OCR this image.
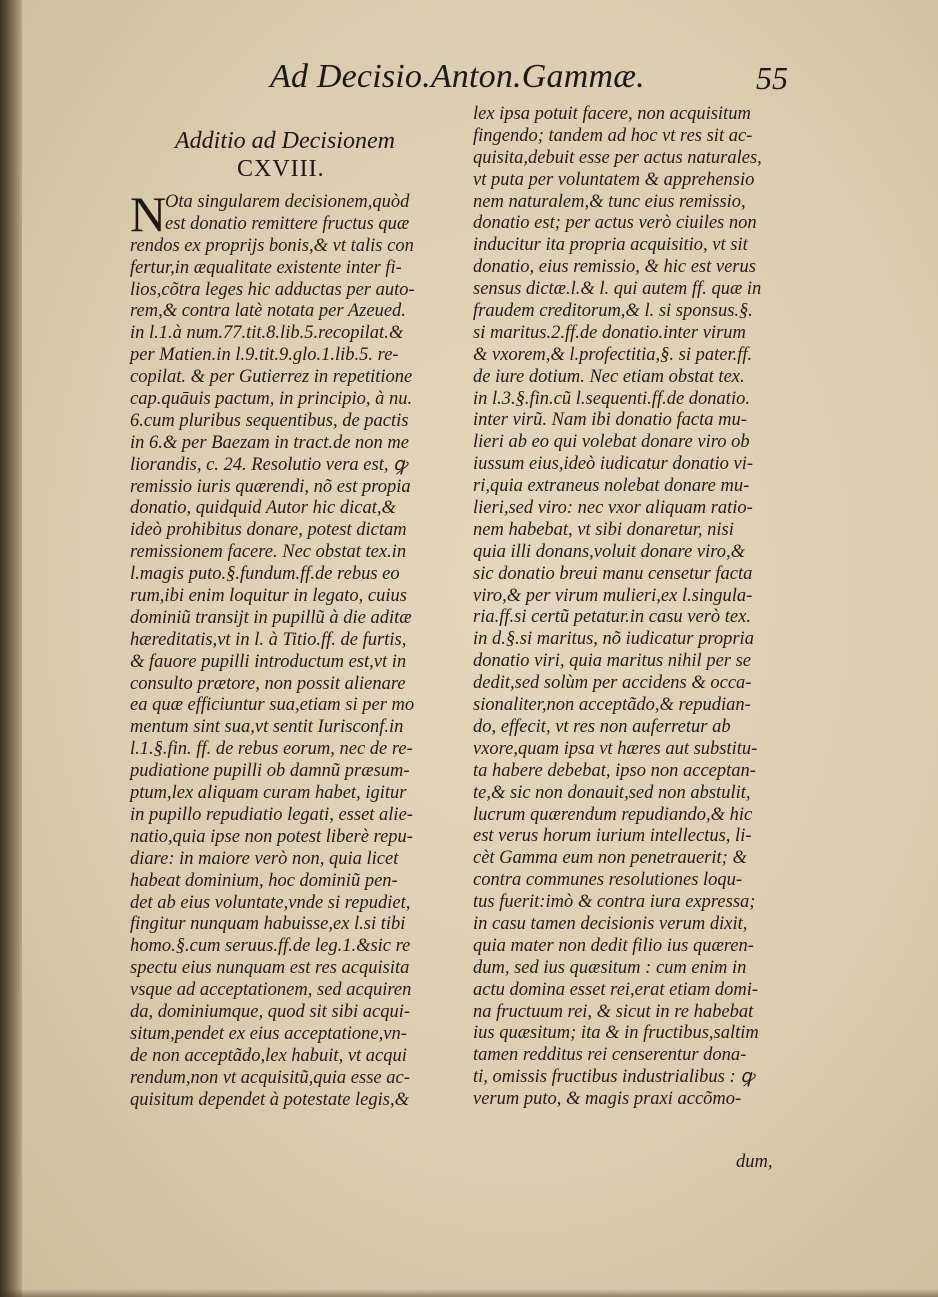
Ad Decisio.Anton.Gammæ.	55
Additio ad Decisionem
CXVIII.
N
Ota singularem decisionem,quòd
est donatio remittere fructus quæ
rendos ex proprijs bonis,& vt talis con
fertur,in æqualitate existente inter fi-
lios,cõtra leges hic adductas per auto-
rem,& contra latè notata per Azeued.
in l.1.à num.77.tit.8.lib.5.recopilat.&
per Matien.in l.9.tit.9.glo.1.lib.5. re-
copilat. & per Gutierrez in repetitione
cap.quāuis pactum, in principio, à nu.
6.cum pluribus sequentibus, de pactis
in 6.& per Baezam in tract.de non me
liorandis, c. 24. Resolutio vera est, ꝙ
remissio iuris quærendi, nõ est propia
donatio, quidquid Autor hic dicat,&
ideò prohibitus donare, potest dictam
remissionem facere. Nec obstat tex.in
l.magis puto.§.fundum.ff.de rebus eo
rum,ibi enim loquitur in legato, cuius
dominiũ transijt in pupillũ à die aditæ
hæreditatis,vt in l. à Titio.ff. de furtis,
& fauore pupilli introductum est,vt in
consulto prætore, non possit alienare
ea quæ efficiuntur sua,etiam si per mo
mentum sint sua,vt sentit Iurisconf.in
l.1.§.fin. ff. de rebus eorum, nec de re-
pudiatione pupilli ob damnũ præsum-
ptum,lex aliquam curam habet, igitur
in pupillo repudiatio legati, esset alie-
natio,quia ipse non potest liberè repu-
diare: in maiore verò non, quia licet
habeat dominium, hoc dominiũ pen-
det ab eius voluntate,vnde si repudiet,
fingitur nunquam habuisse,ex l.si tibi
homo.§.cum seruus.ff.de leg.1.&sic re
spectu eius nunquam est res acquisita
vsque ad acceptationem, sed acquiren
da, dominiumque, quod sit sibi acqui-
situm,pendet ex eius acceptatione,vn-
de non acceptãdo,lex habuit, vt acqui
rendum,non vt acquisitũ,quia esse ac-
quisitum dependet à potestate legis,&
lex ipsa potuit facere, non acquisitum
fingendo; tandem ad hoc vt res sit ac-
quisita,debuit esse per actus naturales,
vt puta per voluntatem & apprehensio
nem naturalem,& tunc eius remissio,
donatio est; per actus verò ciuiles non
inducitur ita propria acquisitio, vt sit
donatio, eius remissio, & hic est verus
sensus dictæ.l.& l. qui autem ff. quæ in
fraudem creditorum,& l. si sponsus.§.
si maritus.2.ff.de donatio.inter virum
& vxorem,& l.profectitia,§. si pater.ff.
de iure dotium. Nec etiam obstat tex.
in l.3.§.fin.cũ l.sequenti.ff.de donatio.
inter virũ. Nam ibi donatio facta mu-
lieri ab eo qui volebat donare viro ob
iussum eius,ideò iudicatur donatio vi-
ri,quia extraneus nolebat donare mu-
lieri,sed viro: nec vxor aliquam ratio-
nem habebat, vt sibi donaretur, nisi
quia illi donans,voluit donare viro,&
sic donatio breui manu censetur facta
viro,& per virum mulieri,ex l.singula-
ria.ff.si certũ petatur.in casu verò tex.
in d.§.si maritus, nõ iudicatur propria
donatio viri, quia maritus nihil per se
dedit,sed solùm per accidens & occa-
sionaliter,non acceptãdo,& repudian-
do, effecit, vt res non auferretur ab
vxore,quam ipsa vt hæres aut substitu-
ta habere debebat, ipso non acceptan-
te,& sic non donauit,sed non abstulit,
lucrum quærendum repudiando,& hic
est verus horum iurium intellectus, li-
cèt Gamma eum non penetrauerit; &
contra communes resolutiones loqu-
tus fuerit:imò & contra iura expressa;
in casu tamen decisionis verum dixit,
quia mater non dedit filio ius quæren-
dum, sed ius quæsitum : cum enim in
actu domina esset rei,erat etiam domi-
na fructuum rei, & sicut in re habebat
ius quæsitum; ita & in fructibus,saltim
tamen redditus rei censerentur dona-
ti, omissis fructibus industrialibus : ꝙ
verum puto, & magis praxi accõmo-
dum,
